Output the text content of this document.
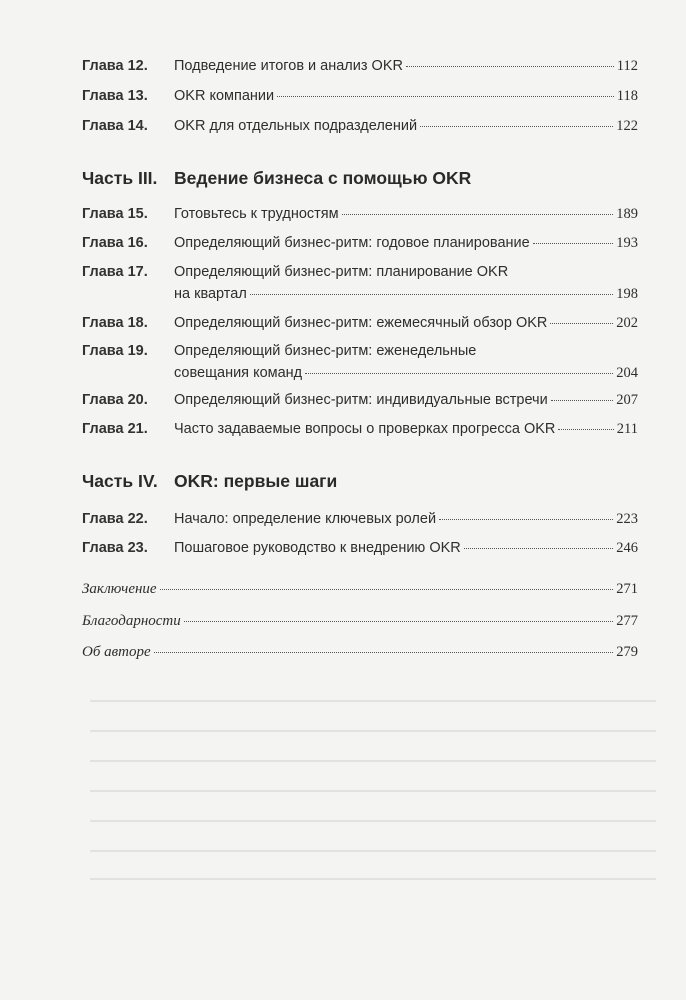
Глава 12. Подведение итогов и анализ OKR	112
Глава 13. OKR компании	118
Глава 14. OKR для отдельных подразделений	122
Часть III. Ведение бизнеса с помощью OKR
Глава 15. Готовьтесь к трудностям	189
Глава 16. Определяющий бизнес-ритм: годовое планирование	193
Глава 17. Определяющий бизнес-ритм: планирование OKR
на квартал	198
Глава 18. Определяющий бизнес-ритм: ежемесячный обзор OKR	202
Глава 19. Определяющий бизнес-ритм: еженедельные
совещания команд	204
Глава 20. Определяющий бизнес-ритм: индивидуальные встречи	207
Глава 21. Часто задаваемые вопросы о проверках прогресса OKR	211
Часть IV. OKR: первые шаги
Глава 22. Начало: определение ключевых ролей	223
Глава 23. Пошаговое руководство к внедрению OKR	246
Заключение	271
Благодарности	277
Об авторе	279
